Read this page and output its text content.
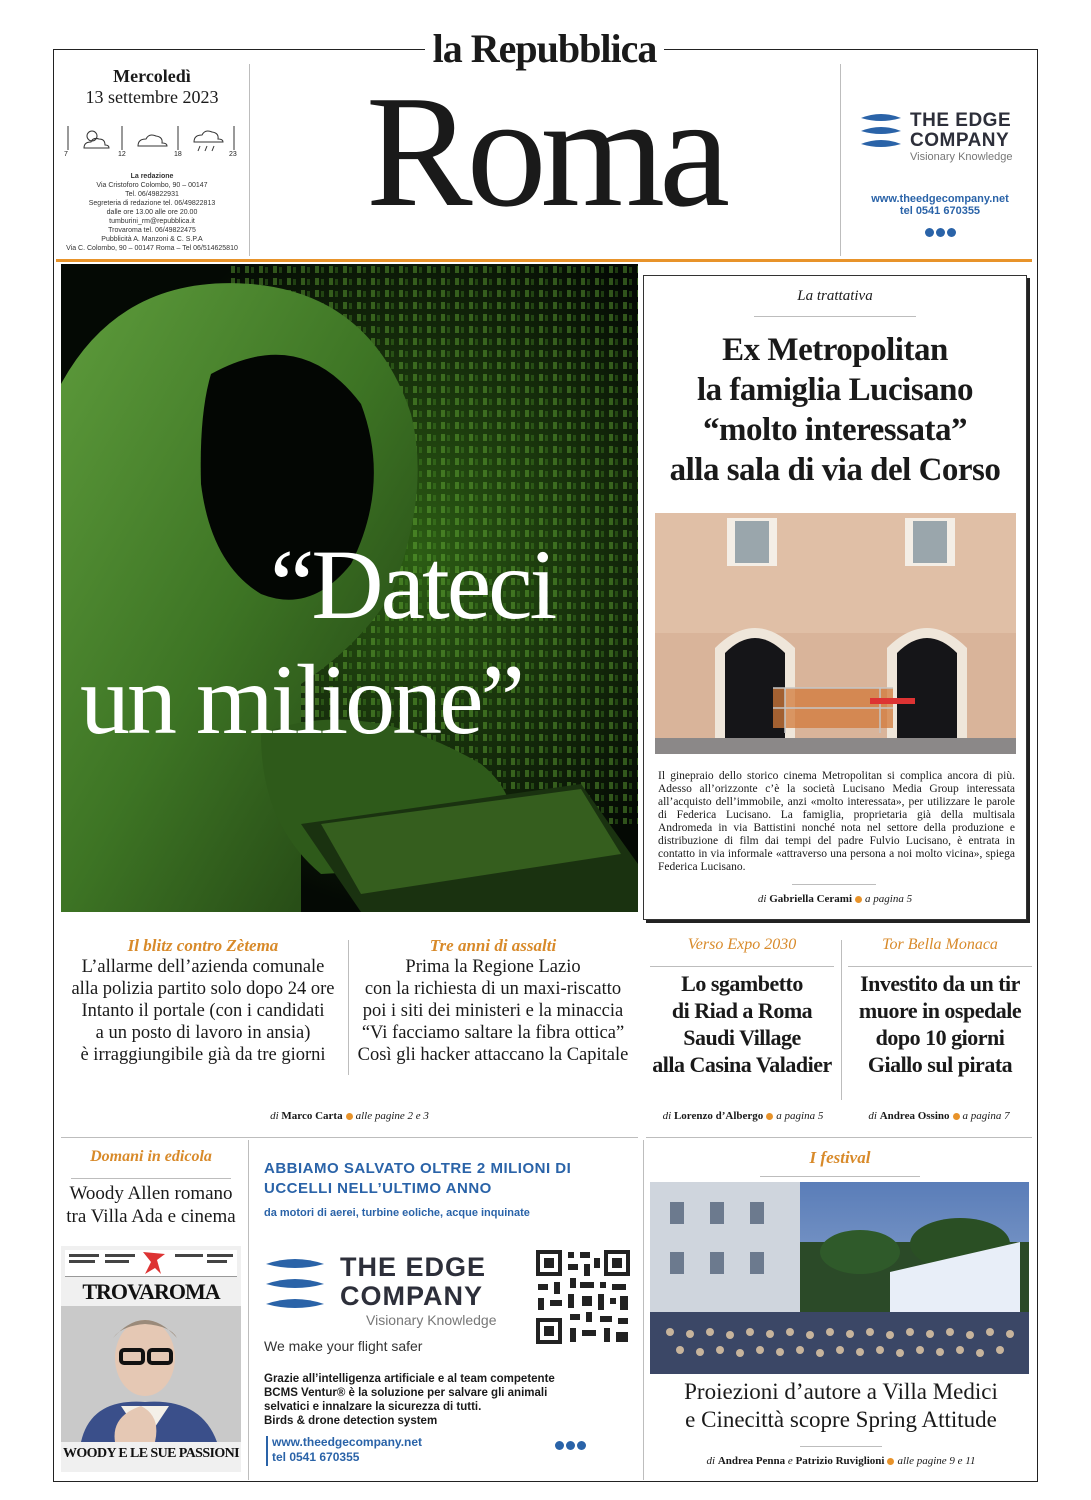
la Repubblica
Mercoledì
13 settembre 2023
7	12	18	23
La redazione
Via Cristoforo Colombo, 90 – 00147
Tel. 06/49822931
Segreteria di redazione tel. 06/49822813
dalle ore 13.00 alle ore 20.00
tumburini_rm@repubblica.it
Trovaroma tel. 06/49822475
Pubblicità A. Manzoni & C. S.P.A
Via C. Colombo, 90 – 00147 Roma – Tel 06/514625810
Roma	THE EDGE
COMPANY
Visionary Knowledge
www.theedgecompany.net
tel 0541 670355
“Dateci
un milione”
Il blitz contro Zètema
L’allarme dell’azienda comunale
alla polizia partito solo dopo 24 ore
Intanto il portale (con i candidati
a un posto di lavoro in ansia)
è irraggiungibile già da tre giorni
Tre anni di assalti
Prima la Regione Lazio
con la richiesta di un maxi-riscatto
poi i siti dei ministeri e la minaccia
“Vi facciamo saltare la fibra ottica”
Così gli hacker attaccano la Capitale
di Marco Carta alle pagine 2 e 3
La trattativa
Ex Metropolitan
la famiglia Lucisano
“molto interessata”
alla sala di via del Corso
Il ginepraio dello storico cinema Metropolitan si complica ancora di più. Adesso all’orizzonte c’è la società Lucisano Media Group interessata all’acquisto dell’immobile, anzi «molto interessata», per utilizzare le parole di Federica Lucisano. La famiglia, proprietaria già della multisala Andromeda in via Battistini nonché nota nel settore della produzione e distribuzione di film dai tempi del padre Fulvio Lucisano, è entrata in contatto in via informale «attraverso una persona a noi molto vicina», spiega Federica Lucisano.
di Gabriella Cerami a pagina 5
Verso Expo 2030
Lo sgambetto
di Riad a Roma
Saudi Village
alla Casina Valadier
di Lorenzo d’Albergo a pagina 5
Tor Bella Monaca
Investito da un tir
muore in ospedale
dopo 10 giorni
Giallo sul pirata
di Andrea Ossino a pagina 7
Domani in edicola
Woody Allen romano
tra Villa Ada e cinema
TROVAROMA
WOODY E LE SUE PASSIONI
ABBIAMO SALVATO OLTRE 2 MILIONI DI
UCCELLI NELL’ULTIMO ANNO
da motori di aerei, turbine eoliche, acque inquinate
THE EDGE
COMPANY
Visionary Knowledge
We make your flight safer
Grazie all’intelligenza artificiale e al team competente
BCMS Ventur® è la soluzione per salvare gli animali
selvatici e innalzare la sicurezza di tutti.
Birds & drone detection system
www.theedgecompany.net
tel 0541 670355
I festival
Proiezioni d’autore a Villa Medici
e Cinecittà scopre Spring Attitude
di Andrea Penna e Patrizio Ruviglioni alle pagine 9 e 11
